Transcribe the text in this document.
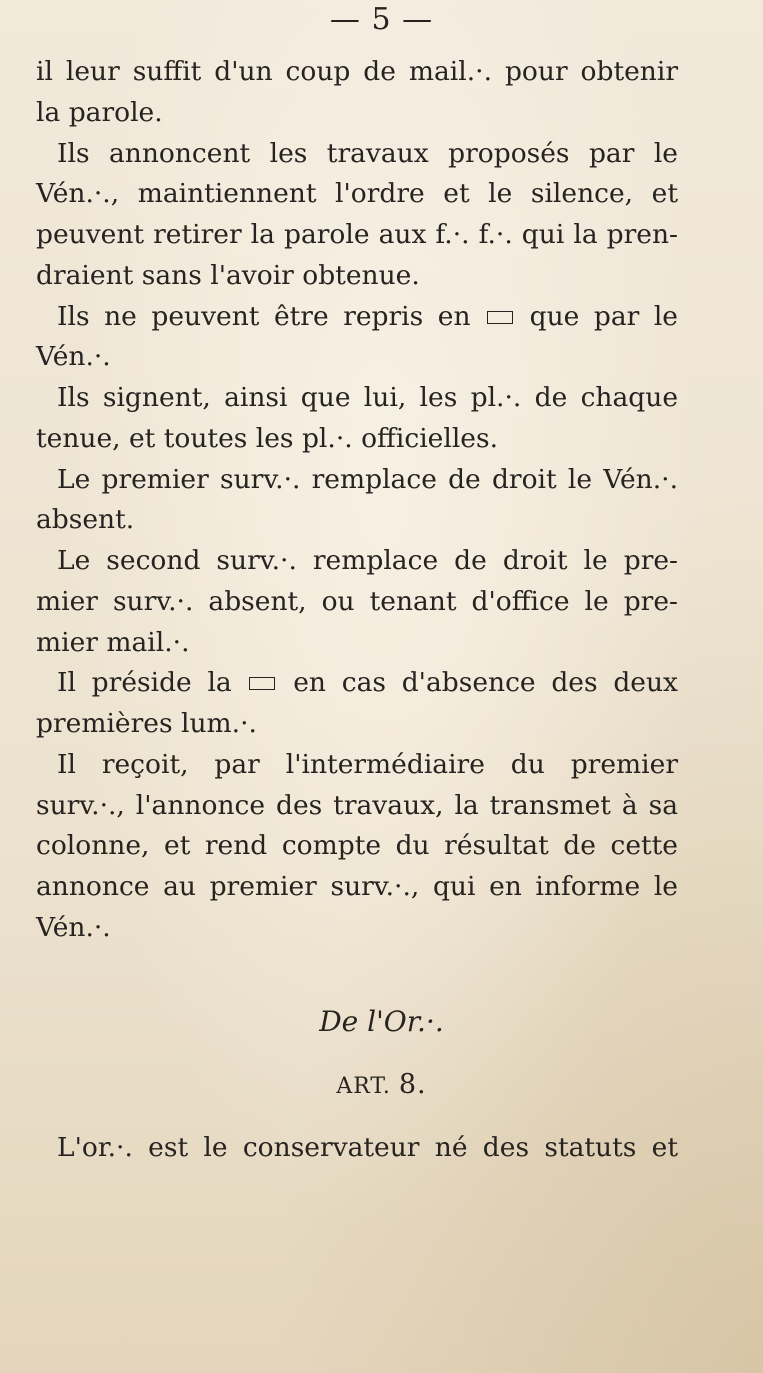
— 5 —
il leur suffit d'un coup de mail.·. pour obtenir
la parole.
Ils annoncent les travaux proposés par le
Vén.·., maintiennent l'ordre et le silence, et
peuvent retirer la parole aux f.·. f.·. qui la pren-
draient sans l'avoir obtenue.
Ils ne peuvent être repris en que par le
Vén.·.
Ils signent, ainsi que lui, les pl.·. de chaque
tenue, et toutes les pl.·. officielles.
Le premier surv.·. remplace de droit le Vén.·.
absent.
Le second surv.·. remplace de droit le pre-
mier surv.·. absent, ou tenant d'office le pre-
mier mail.·.
Il préside la en cas d'absence des deux
premières lum.·.
Il reçoit, par l'intermédiaire du premier
surv.·., l'annonce des travaux, la transmet à sa
colonne, et rend compte du résultat de cette
annonce au premier surv.·., qui en informe le
Vén.·.
De l'Or.·.
ART. 8.
L'or.·. est le conservateur né des statuts et
